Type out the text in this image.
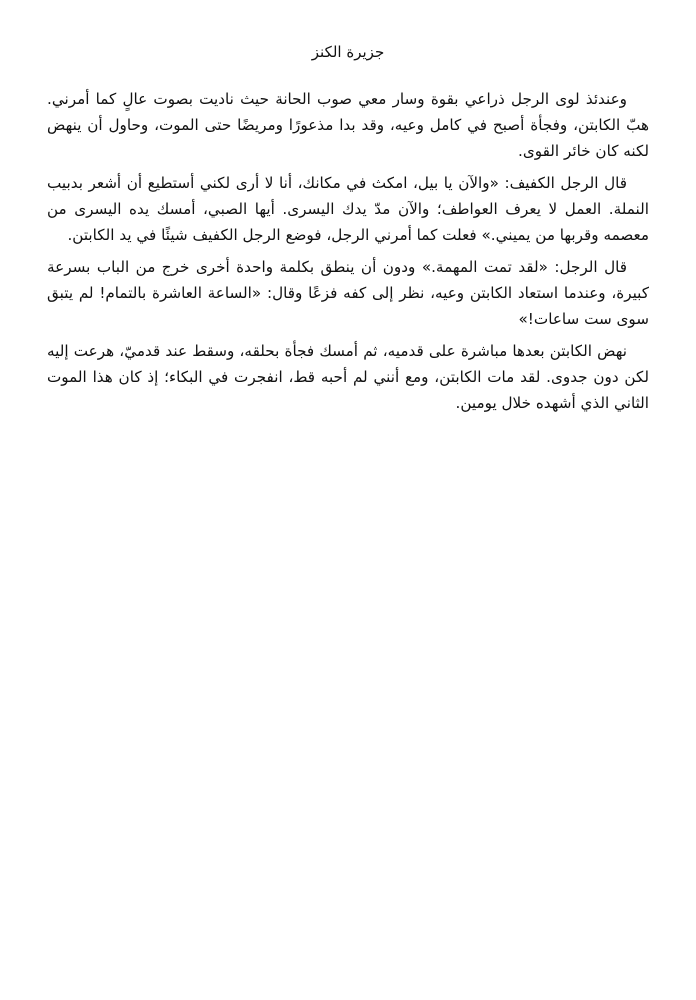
جزيرة الكنز

وعندئذ لوى الرجل ذراعي بقوة وسار معي صوب الحانة حيث ناديت بصوت عالٍ كما أمرني. هبّ الكابتن، وفجأة أصبح في كامل وعيه، وقد بدا مذعورًا ومريضًا حتى الموت، وحاول أن ينهض لكنه كان خائر القوى.

قال الرجل الكفيف: «والآن يا بيل، امكث في مكانك، أنا لا أرى لكني أستطيع أن أشعر بدبيب النملة. العمل لا يعرف العواطف؛ والآن مدّ يدك اليسرى. أيها الصبي، أمسك يده اليسرى من معصمه وقربها من يميني.» فعلت كما أمرني الرجل، فوضع الرجل الكفيف شيئًا في يد الكابتن.

قال الرجل: «لقد تمت المهمة.» ودون أن ينطق بكلمة واحدة أخرى خرج من الباب بسرعة كبيرة، وعندما استعاد الكابتن وعيه، نظر إلى كفه فزعًا وقال: «الساعة العاشرة بالتمام! لم يتبق سوى ست ساعات!»

نهض الكابتن بعدها مباشرة على قدميه، ثم أمسك فجأة بحلقه، وسقط عند قدميّ، هرعت إليه لكن دون جدوى. لقد مات الكابتن، ومع أنني لم أحبه قط، انفجرت في البكاء؛ إذ كان هذا الموت الثاني الذي أشهده خلال يومين.
